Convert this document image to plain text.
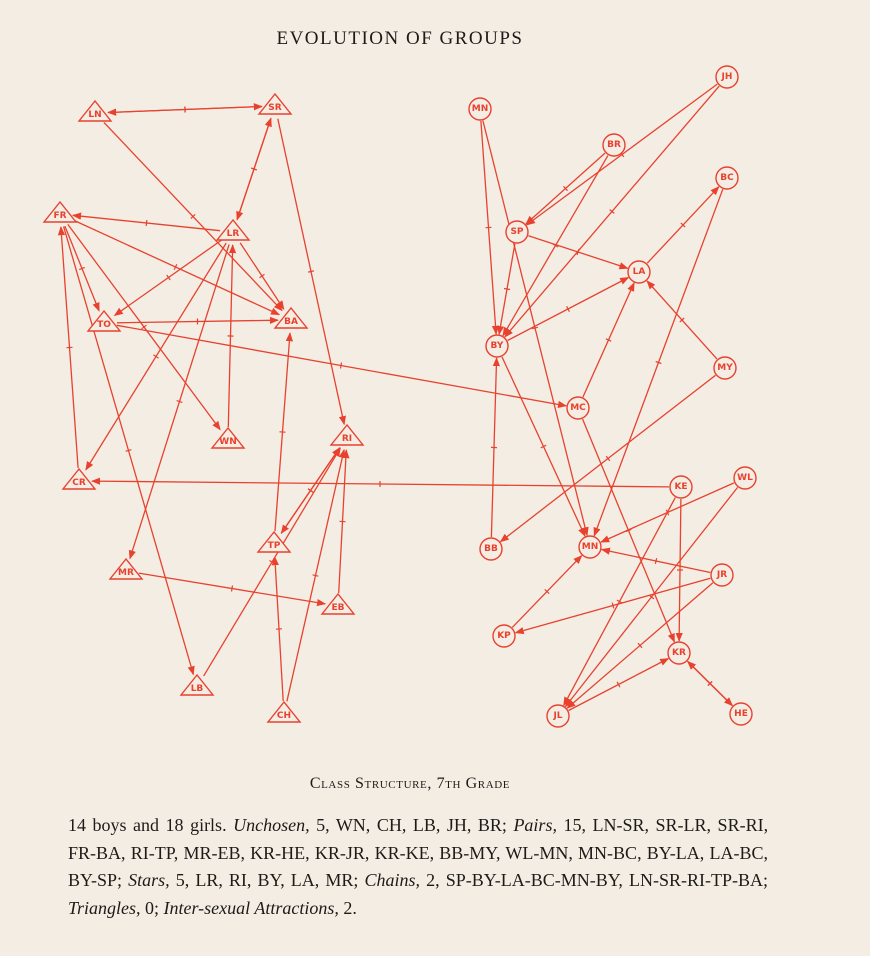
EVOLUTION OF GROUPS
LN
SR
FR
LR
TO	BA
WN	RI
CR
TP
MR
EB
LB
CH
MN
JH
BR
BC
SP
LA
BY
MY
MC
WL
KE
BB	MN
JR
KP
KR
JL	HE
Class Structure, 7th Grade
14 boys and 18 girls. Unchosen, 5, WN, CH, LB, JH, BR; Pairs, 15, LN-SR, SR-LR, SR-RI, FR-BA, RI-TP, MR-EB, KR-HE, KR-JR, KR-KE, BB-MY, WL-MN, MN-BC, BY-LA, LA-BC, BY-SP; Stars, 5, LR, RI, BY, LA, MR; Chains, 2, SP-BY-LA-BC-MN-BY, LN-SR-RI-TP-BA; Triangles, 0; Inter-sexual Attractions, 2.
